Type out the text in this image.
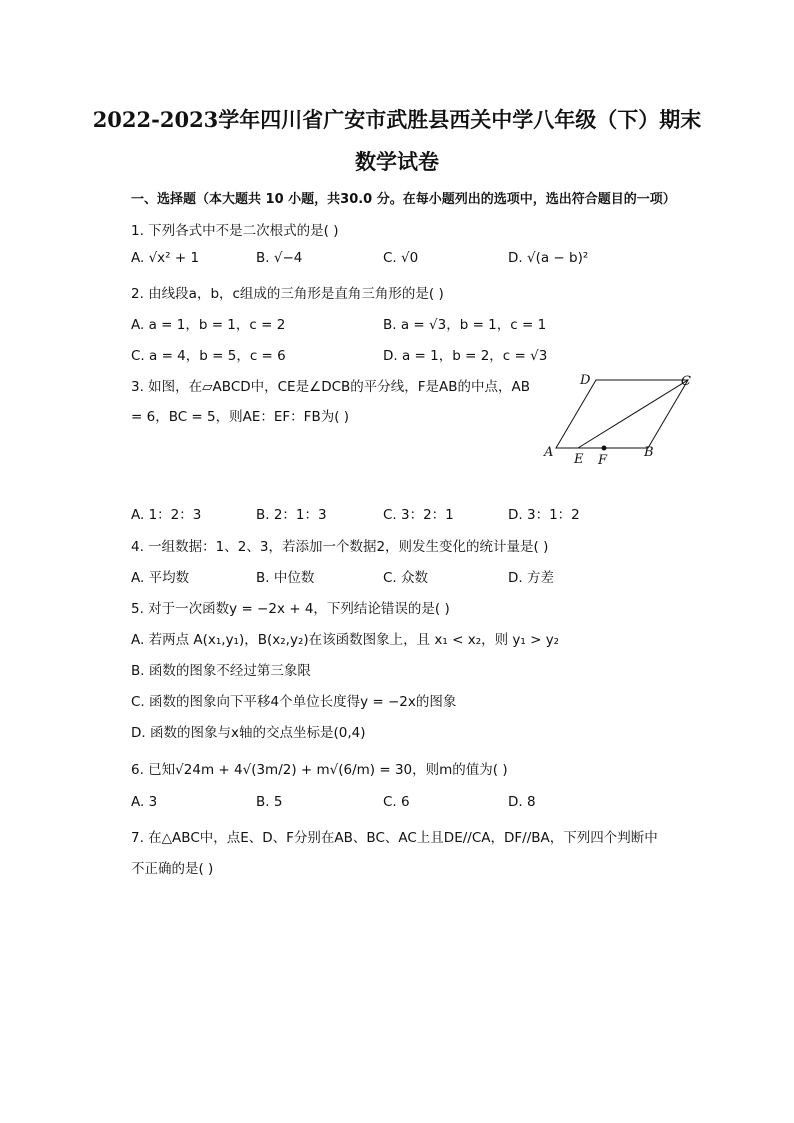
2022-2023学年四川省广安市武胜县西关中学八年级（下）期末
数学试卷
一、选择题（本大题共 10 小题，共30.0 分。在每小题列出的选项中，选出符合题目的一项）
1. 下列各式中不是二次根式的是( )
A. √x² + 1	B. √−4	C. √0	D. √(a − b)²
2. 由线段a，b，c组成的三角形是直角三角形的是( )
A. a = 1，b = 1，c = 2	B. a = √3，b = 1，c = 1
C. a = 4，b = 5，c = 6	D. a = 1，b = 2，c = √3
3. 如图，在▱ABCD中，CE是∠DCB的平分线，F是AB的中点，AB
= 6，BC = 5，则AE：EF：FB为( )
A	B
C
D
E F
A. 1：2：3	B. 2：1：3	C. 3：2：1	D. 3：1：2
4. 一组数据：1、2、3，若添加一个数据2，则发生变化的统计量是( )
A. 平均数	B. 中位数	C. 众数	D. 方差
5. 对于一次函数y = −2x + 4，下列结论错误的是( )
A. 若两点 A(x₁,y₁)，B(x₂,y₂)在该函数图象上，且 x₁ < x₂，则 y₁ > y₂
B. 函数的图象不经过第三象限
C. 函数的图象向下平移4个单位长度得y = −2x的图象
D. 函数的图象与x轴的交点坐标是(0,4)
6. 已知√24m + 4√(3m/2) + m√(6/m) = 30，则m的值为( )
A. 3	B. 5	C. 6	D. 8
7. 在△ABC中，点E、D、F分别在AB、BC、AC上且DE//CA，DF//BA，下列四个判断中
不正确的是( )
